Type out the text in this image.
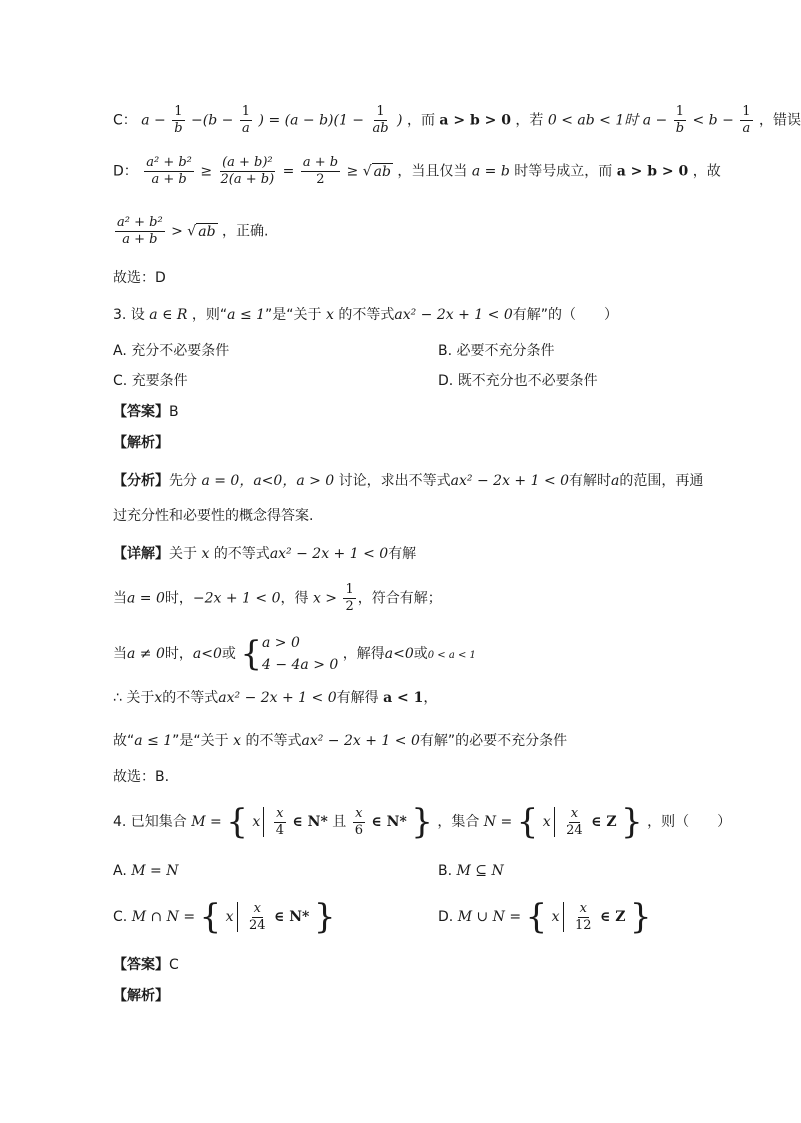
C： $a - \frac{1}{b} -(b - \frac{1}{a}$ ) = $(a - b)(1 - \frac{1}{ab}$ ) ，而 a > b > 0 ，若 0 < ab < 1时 $a - \frac{1}{b} < b - \frac{1}{a}$ ，错误
D： $\frac{\text{a² + b²}}{a + b} \ge \frac{\text{(a + b)²}}{2(a + b)} = \frac{a + b}{2}$ ≥ √ ab ，当且仅当 a = b 时等号成立，而 a > b > 0 ，故
$\frac{\text{a² + b²}}{a + b}$ > √ ab ，正确.
故选：D
3. 设 a ∈ R ，则“a ≤ 1”是“关于 x 的不等式ax² − 2x + 1 < 0有解”的（　　）
A. 充分不必要条件	B. 必要不充分条件
C. 充要条件	D. 既不充分也不必要条件
【答案】B
【解析】
【分析】先分 a = 0，a<0，a > 0 讨论，求出不等式ax² − 2x + 1 < 0有解时a的范围，再通
过充分性和必要性的概念得答案.
【详解】关于 x 的不等式ax² − 2x + 1 < 0有解
当a = 0时，−2x + 1 < 0，得 $x > \frac{1}{2}$ ，符合有解；
当a ≠ 0时，a<0或 { a > 0
4 − 4a > 0
，解得a<0或0 < a < 1
∴ 关于x的不等式ax² − 2x + 1 < 0有解得 a < 1，
故“a ≤ 1”是“关于 x 的不等式ax² − 2x + 1 < 0有解”的必要不充分条件
故选：B.
4. 已知集合 M = { x $\frac{x}{4}$ ∈ N* 且 $\frac{x}{6}$ ∈ N* } ，集合 N = { x $\frac{x}{24}$ ∈ Z } ，则（　　）
A. M = N	B. M ⊆ N
C. M ∩ N = { x $\frac{x}{24}$ ∈ N* }	D. M ∪ N = { x $\frac{x}{12}$ ∈ Z }
【答案】C
【解析】
